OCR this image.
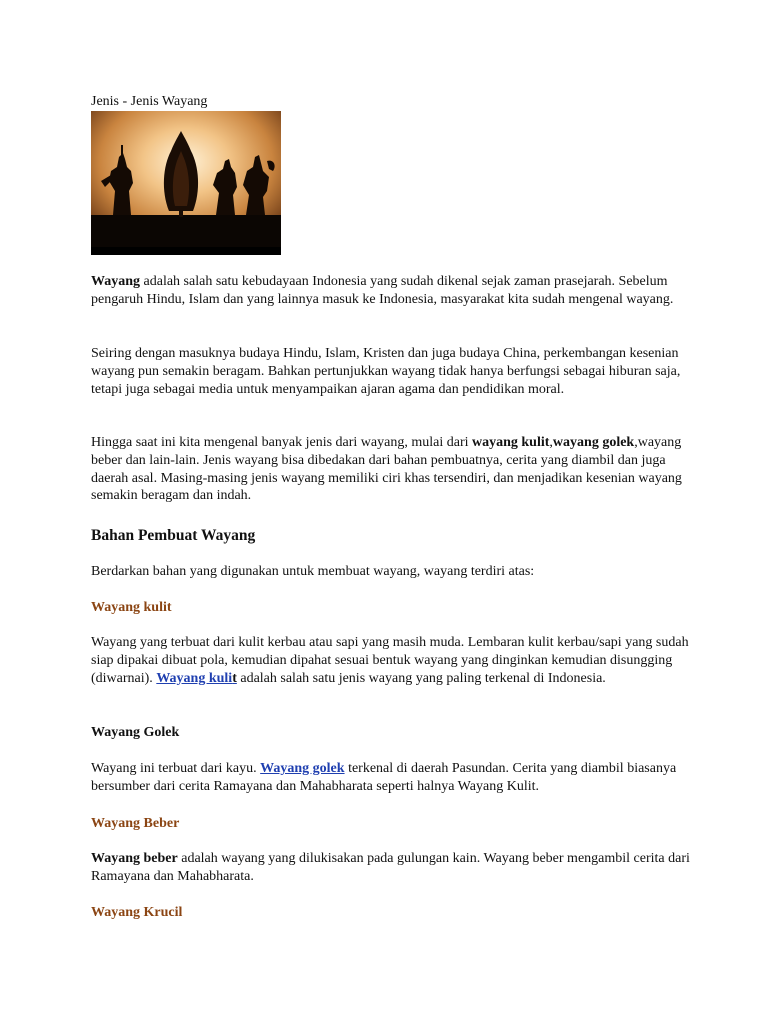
Jenis - Jenis Wayang

Wayang adalah salah satu kebudayaan Indonesia yang sudah dikenal sejak zaman prasejarah. Sebelum pengaruh Hindu, Islam dan yang lainnya masuk ke Indonesia, masyarakat kita sudah mengenal wayang.

Seiring dengan masuknya budaya Hindu, Islam, Kristen dan juga budaya China, perkembangan kesenian wayang pun semakin beragam. Bahkan pertunjukkan wayang tidak hanya berfungsi sebagai hiburan saja, tetapi juga sebagai media untuk menyampaikan ajaran agama dan pendidikan moral.

Hingga saat ini kita mengenal banyak jenis dari wayang, mulai dari wayang kulit,wayang golek,wayang beber dan lain-lain. Jenis wayang bisa dibedakan dari bahan pembuatnya, cerita yang diambil dan juga daerah asal. Masing-masing jenis wayang memiliki ciri khas tersendiri, dan menjadikan kesenian wayang semakin beragam dan indah.

Bahan Pembuat Wayang

Berdarkan bahan yang digunakan untuk membuat wayang, wayang terdiri atas:

Wayang kulit

Wayang yang terbuat dari kulit kerbau atau sapi yang masih muda. Lembaran kulit kerbau/sapi yang sudah siap dipakai dibuat pola, kemudian dipahat sesuai bentuk wayang yang dinginkan kemudian disungging (diwarnai). Wayang kulit adalah salah satu jenis wayang yang paling terkenal di Indonesia.

Wayang Golek

Wayang ini terbuat dari kayu. Wayang golek terkenal di daerah Pasundan. Cerita yang diambil biasanya bersumber dari cerita Ramayana dan Mahabharata seperti halnya Wayang Kulit.

Wayang Beber

Wayang beber adalah wayang yang dilukisakan pada gulungan kain. Wayang beber mengambil cerita dari Ramayana dan Mahabharata.

Wayang Krucil
